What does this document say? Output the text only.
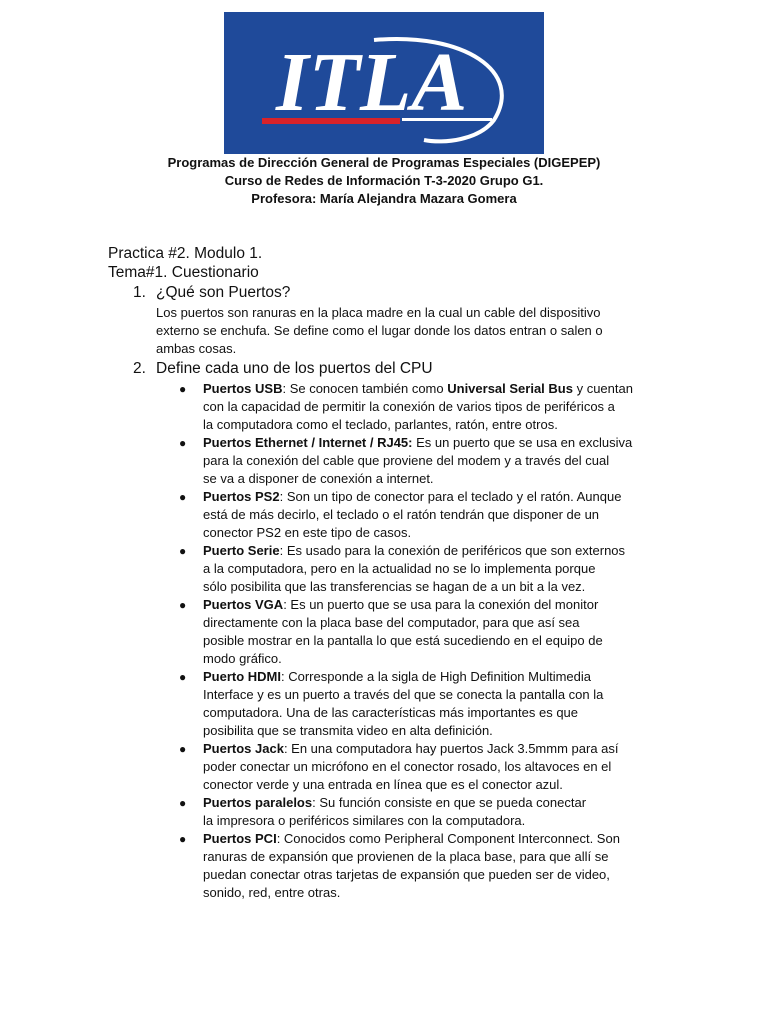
ITLA
Programas de Dirección General de Programas Especiales (DIGEPEP)
Curso de Redes de Información T-3-2020 Grupo G1.
Profesora: María Alejandra Mazara Gomera
Practica #2. Modulo 1.
Tema#1. Cuestionario
1. ¿Qué son Puertos?
Los puertos son ranuras en la placa madre en la cual un cable del dispositivo
externo se enchufa. Se define como el lugar donde los datos entran o salen o
ambas cosas.
2. Define cada uno de los puertos del CPU
● Puertos USB: Se conocen también como Universal Serial Bus y cuentan
con la capacidad de permitir la conexión de varios tipos de periféricos a
la computadora como el teclado, parlantes, ratón, entre otros.
● Puertos Ethernet / Internet / RJ45: Es un puerto que se usa en exclusiva
para la conexión del cable que proviene del modem y a través del cual
se va a disponer de conexión a internet.
● Puertos PS2: Son un tipo de conector para el teclado y el ratón. Aunque
está de más decirlo, el teclado o el ratón tendrán que disponer de un
conector PS2 en este tipo de casos.
● Puerto Serie: Es usado para la conexión de periféricos que son externos
a la computadora, pero en la actualidad no se lo implementa porque
sólo posibilita que las transferencias se hagan de a un bit a la vez.
● Puertos VGA: Es un puerto que se usa para la conexión del monitor
directamente con la placa base del computador, para que así sea
posible mostrar en la pantalla lo que está sucediendo en el equipo de
modo gráfico.
● Puerto HDMI: Corresponde a la sigla de High Definition Multimedia
Interface y es un puerto a través del que se conecta la pantalla con la
computadora. Una de las características más importantes es que
posibilita que se transmita video en alta definición.
● Puertos Jack: En una computadora hay puertos Jack 3.5mmm para así
poder conectar un micrófono en el conector rosado, los altavoces en el
conector verde y una entrada en línea que es el conector azul.
● Puertos paralelos: Su función consiste en que se pueda conectar
la impresora o periféricos similares con la computadora.
● Puertos PCI: Conocidos como Peripheral Component Interconnect. Son
ranuras de expansión que provienen de la placa base, para que allí se
puedan conectar otras tarjetas de expansión que pueden ser de video,
sonido, red, entre otras.
